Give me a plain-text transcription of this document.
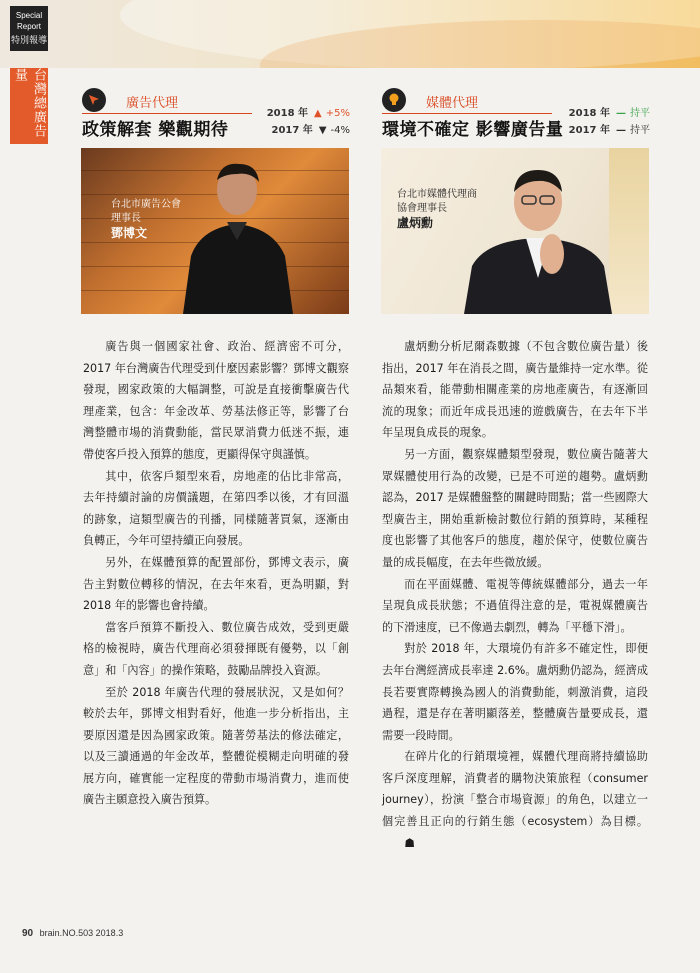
Special
Report
特別報導
台灣總廣告量
廣告代理
政策解套 樂觀期待
2018 年 ▲ +5%
2017 年 ▼ -4%
媒體代理
環境不確定 影響廣告量
2018 年 — 持平
2017 年 — 持平
台北市廣告公會
理事長
鄧博文
台北市媒體代理商
協會理事長
盧炳勳

廣告與一個國家社會、政治、經濟密不可分，2017 年台灣廣告代理受到什麼因素影響？鄧博文觀察發現，國家政策的大幅調整，可說是直接衝擊廣告代理產業，包含：年金改革、勞基法修正等，影響了台灣整體市場的消費動能，當民眾消費力低迷不振，連帶使客戶投入預算的態度，更顯得保守與謹慎。

其中，依客戶類型來看，房地產的佔比非常高，去年持續討論的房價議題，在第四季以後，才有回溫的跡象，這類型廣告的刊播，同樣隨著買氣，逐漸由負轉正，今年可望持續正向發展。

另外，在媒體預算的配置部份，鄧博文表示，廣告主對數位轉移的情況，在去年來看，更為明顯，對 2018 年的影響也會持續。

當客戶預算不斷投入、數位廣告成效，受到更嚴格的檢視時，廣告代理商必須發揮既有優勢，以「創意」和「內容」的操作策略，鼓勵品牌投入資源。

至於 2018 年廣告代理的發展狀況，又是如何？較於去年，鄧博文相對看好，他進一步分析指出，主要原因還是因為國家政策。隨著勞基法的修法確定，以及三讀通過的年金改革，整體從模糊走向明確的發展方向，確實能一定程度的帶動市場消費力，進而使廣告主願意投入廣告預算。

盧炳勳分析尼爾森數據（不包含數位廣告量）後指出，2017 年在消長之間，廣告量維持一定水準。從品類來看，能帶動相關產業的房地產廣告，有逐漸回流的現象；而近年成長迅速的遊戲廣告，在去年下半年呈現負成長的現象。

另一方面，觀察媒體類型發現，數位廣告隨著大眾媒體使用行為的改變，已是不可逆的趨勢。盧炳勳認為，2017 是媒體盤整的關鍵時間點；當一些國際大型廣告主，開始重新檢討數位行銷的預算時，某種程度也影響了其他客戶的態度，趨於保守，使數位廣告量的成長幅度，在去年些微放緩。

而在平面媒體、電視等傳統媒體部分，過去一年呈現負成長狀態；不過值得注意的是，電視媒體廣告的下滑速度，已不像過去劇烈，轉為「平穩下滑」。

對於 2018 年，大環境仍有許多不確定性，即便去年台灣經濟成長率達 2.6%。盧炳勳仍認為，經濟成長若要實際轉換為國人的消費動能，刺激消費，這段過程，還是存在著明顯落差，整體廣告量要成長，還需要一段時間。

在碎片化的行銷環境裡，媒體代理商將持續協助客戶深度理解，消費者的購物決策旅程（consumer journey），扮演「整合市場資源」的角色，以建立一個完善且正向的行銷生態（ecosystem）為目標。 ☗

90 brain.NO.503 2018.3
